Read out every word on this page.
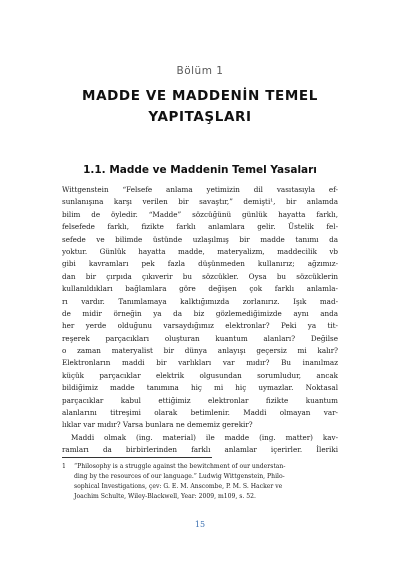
Bölüm 1
MADDE VE MADDENİN TEMEL
YAPITAŞLARI
1.1. Madde ve Maddenin Temel Yasaları
Wittgenstein “Felsefe anlama yetimizin dil vasıtasıyla ef-
sunlanışına karşı verilen bir savaştır,” demişti¹, bir anlamda
bilim de öyledir. “Madde” sözcüğünü günlük hayatta farklı,
felsefede farklı, fizikte farklı anlamlara gelir. Üstelik fel-
sefede ve bilimde üstünde uzlaşılmış bir madde tanımı da
yoktur. Günlük hayatta madde, materyalizm, maddecilik vb
gibi kavramları pek fazla düşünmeden kullanırız; ağzımız-
dan bir çırpıda çıkıverir bu sözcükler. Oysa bu sözcüklerin
kullanıldıkları bağlamlara göre değişen çok farklı anlamla-
rı vardır. Tanımlamaya kalktığımızda zorlanırız. Işık mad-
de midir örneğin ya da biz gözlemediğimizde aynı anda
her yerde olduğunu varsaydığımız elektronlar? Peki ya tit-
reşerek parçacıkları oluşturan kuantum alanları? Değilse
o zaman materyalist bir dünya anlayışı geçersiz mi kalır?
Elektronların maddi bir varlıkları var mıdır? Bu inanılmaz
küçük parçacıklar elektrik olgusundan sorumludur, ancak
bildiğimiz madde tanımına hiç mi hiç uymazlar. Noktasal
parçacıklar kabul ettiğimiz elektronlar fizikte kuantum
alanlarını titreşimi olarak betimlenir. Maddi olmayan var-
lıklar var mıdır? Varsa bunlara ne dememiz gerekir?
Maddi olmak (ing. material) ile madde (ing. matter) kav-
ramları da birbirlerinden farklı anlamlar içerirler. İleriki
1 “Philosophy is a struggle against the bewitchment of our understan-
ding by the resources of our language.” Ludwig Wittgenstein, Philo-
sophical Investigations, çev: G. E. M. Anscombe, P. M. S. Hacker ve
Joachim Schulte, Wiley-Blackwell, Year: 2009, m109, s. 52.
15
